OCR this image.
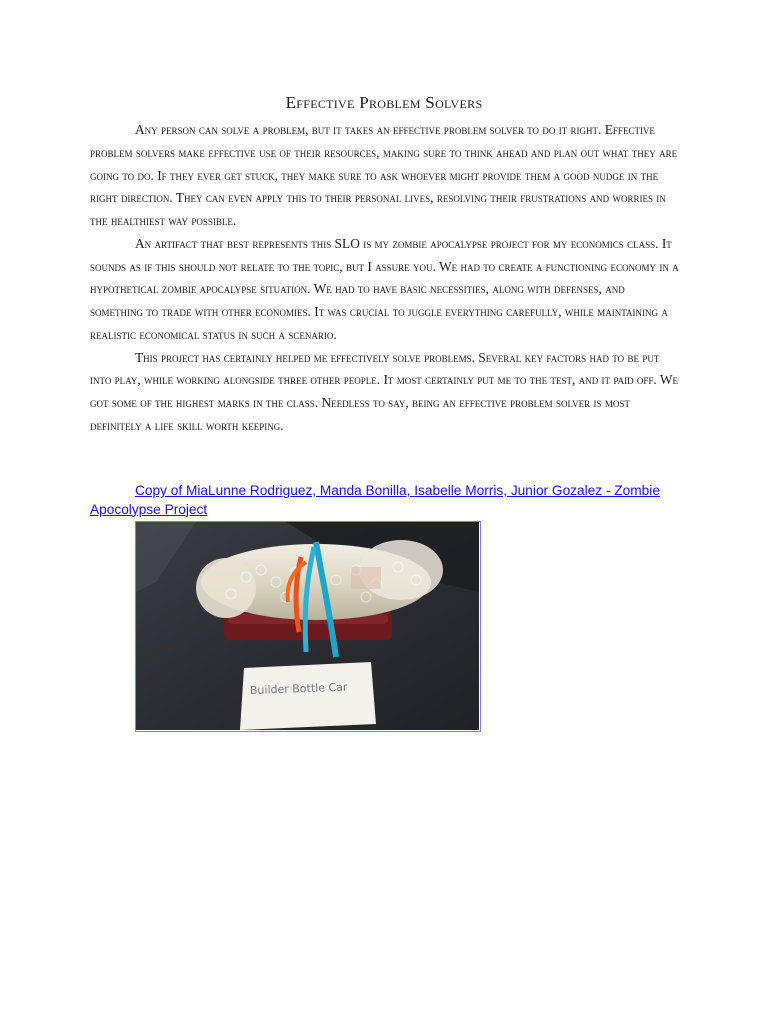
Effective Problem Solvers

Any person can solve a problem, but it takes an effective problem solver to do it right. Effective problem solvers make effective use of their resources, making sure to think ahead and plan out what they are going to do. If they ever get stuck, they make sure to ask whoever might provide them a good nudge in the right direction. They can even apply this to their personal lives, resolving their frustrations and worries in the healthiest way possible.

An artifact that best represents this SLO is my zombie apocalypse project for my economics class. It sounds as if this should not relate to the topic, but I assure you. We had to create a functioning economy in a hypothetical zombie apocalypse situation. We had to have basic necessities, along with defenses, and something to trade with other economies. It was crucial to juggle everything carefully, while maintaining a realistic economical status in such a scenario.

This project has certainly helped me effectively solve problems. Several key factors had to be put into play, while working alongside three other people. It most certainly put me to the test, and it paid off. We got some of the highest marks in the class. Needless to say, being an effective problem solver is most definitely a life skill worth keeping.

Copy of MiaLunne Rodriguez, Manda Bonilla, Isabelle Morris, Junior Gozalez - Zombie Apocolypse Project
Builder Bottle Car
